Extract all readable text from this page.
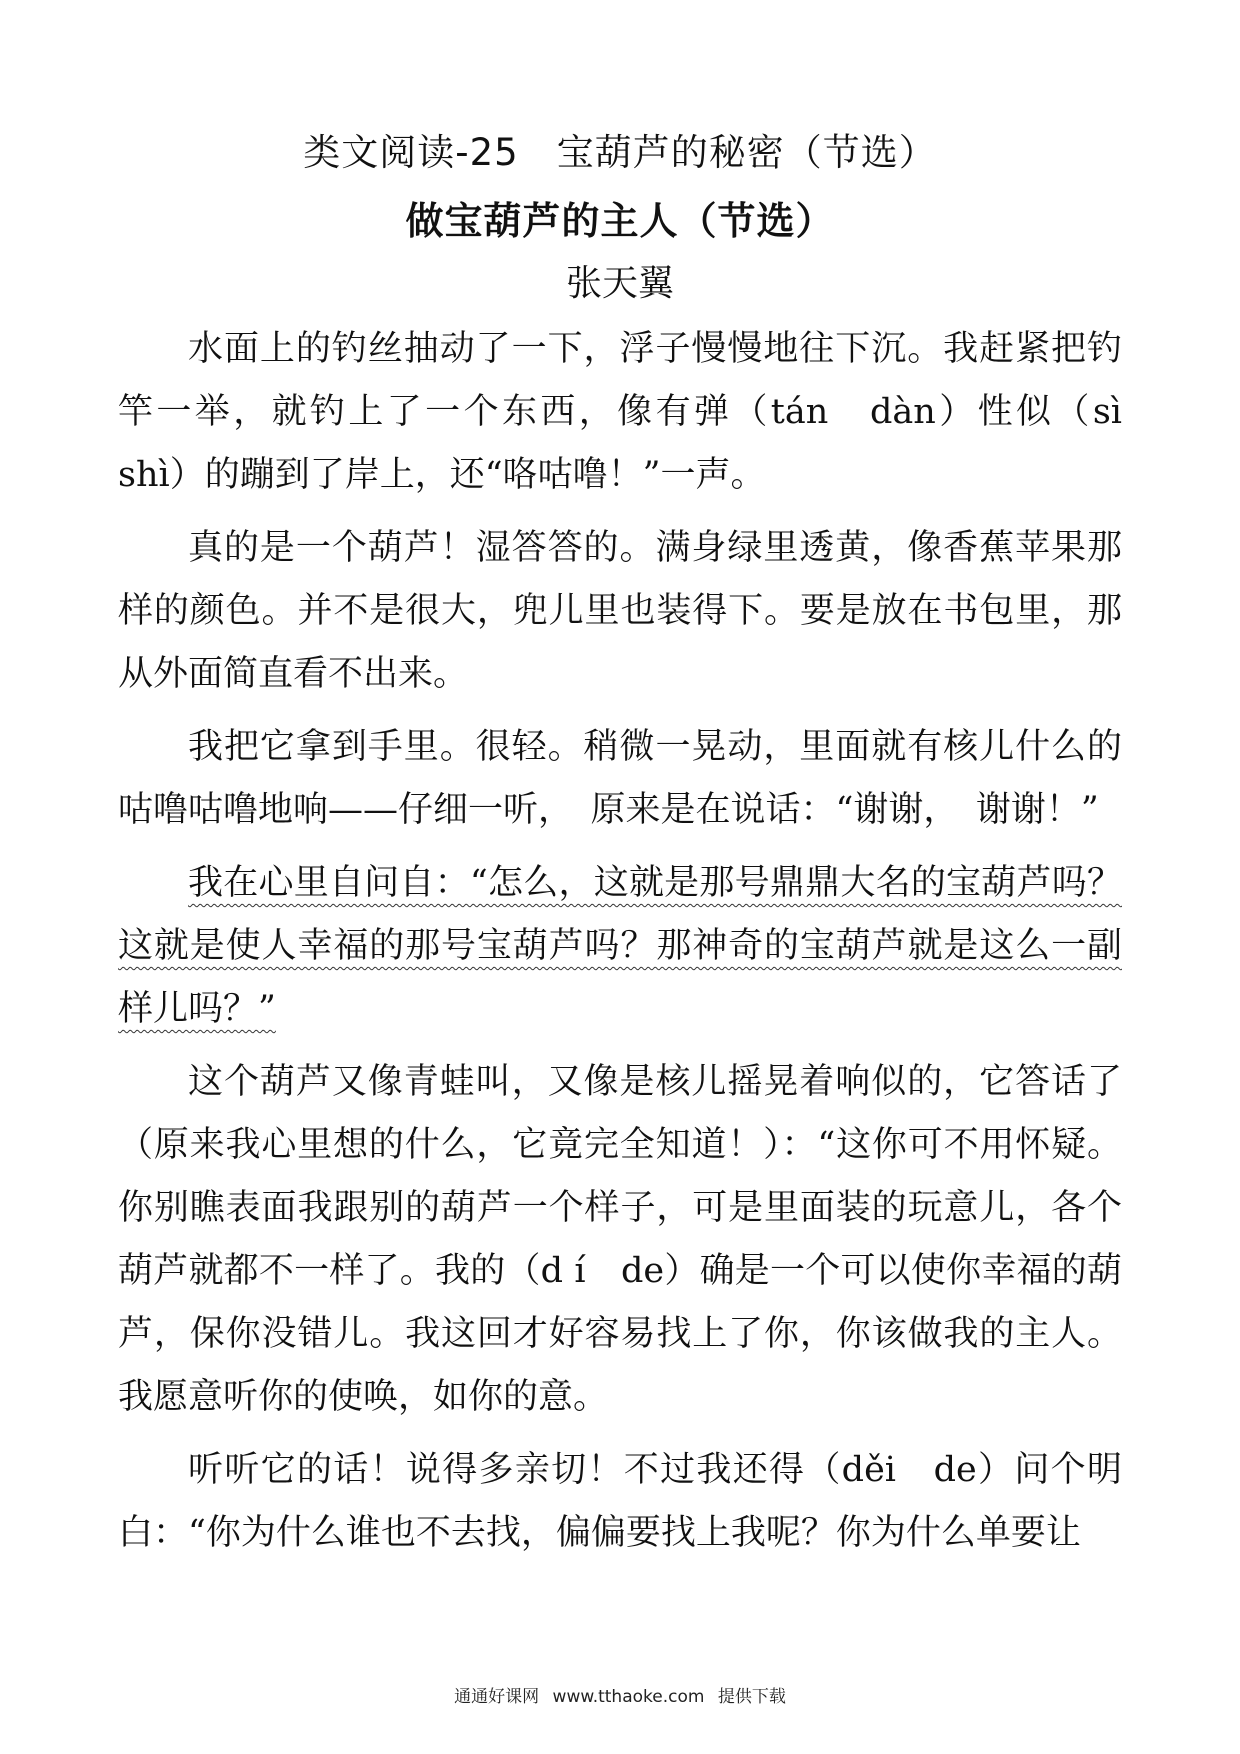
类文阅读-25　宝葫芦的秘密（节选）
做宝葫芦的主人（节选）
张天翼

水面上的钓丝抽动了一下，浮子慢慢地往下沉。我赶紧把钓竿一举，就钓上了一个东西，像有弹（tán　dàn）性似（sì　shì）的蹦到了岸上，还“咯咕噜！”一声。

真的是一个葫芦！湿答答的。满身绿里透黄，像香蕉苹果那样的颜色。并不是很大，兜儿里也装得下。要是放在书包里，那从外面简直看不出来。

我把它拿到手里。很轻。稍微一晃动，里面就有核儿什么的咕噜咕噜地响——仔细一听，　原来是在说话：“谢谢，　谢谢！”

我在心里自问自：“怎么，这就是那号鼎鼎大名的宝葫芦吗？这就是使人幸福的那号宝葫芦吗？那神奇的宝葫芦就是这么一副样儿吗？”

这个葫芦又像青蛙叫，又像是核儿摇晃着响似的，它答话了（原来我心里想的什么，它竟完全知道！）：“这你可不用怀疑。你别瞧表面我跟别的葫芦一个样子，可是里面装的玩意儿，各个葫芦就都不一样了。我的（d í　de）确是一个可以使你幸福的葫芦，保你没错儿。我这回才好容易找上了你，你该做我的主人。我愿意听你的使唤，如你的意。

听听它的话！说得多亲切！不过我还得（děi　de）问个明白：“你为什么谁也不去找，偏偏要找上我呢？你为什么单要让

通通好课网 www.tthaoke.com 提供下载
